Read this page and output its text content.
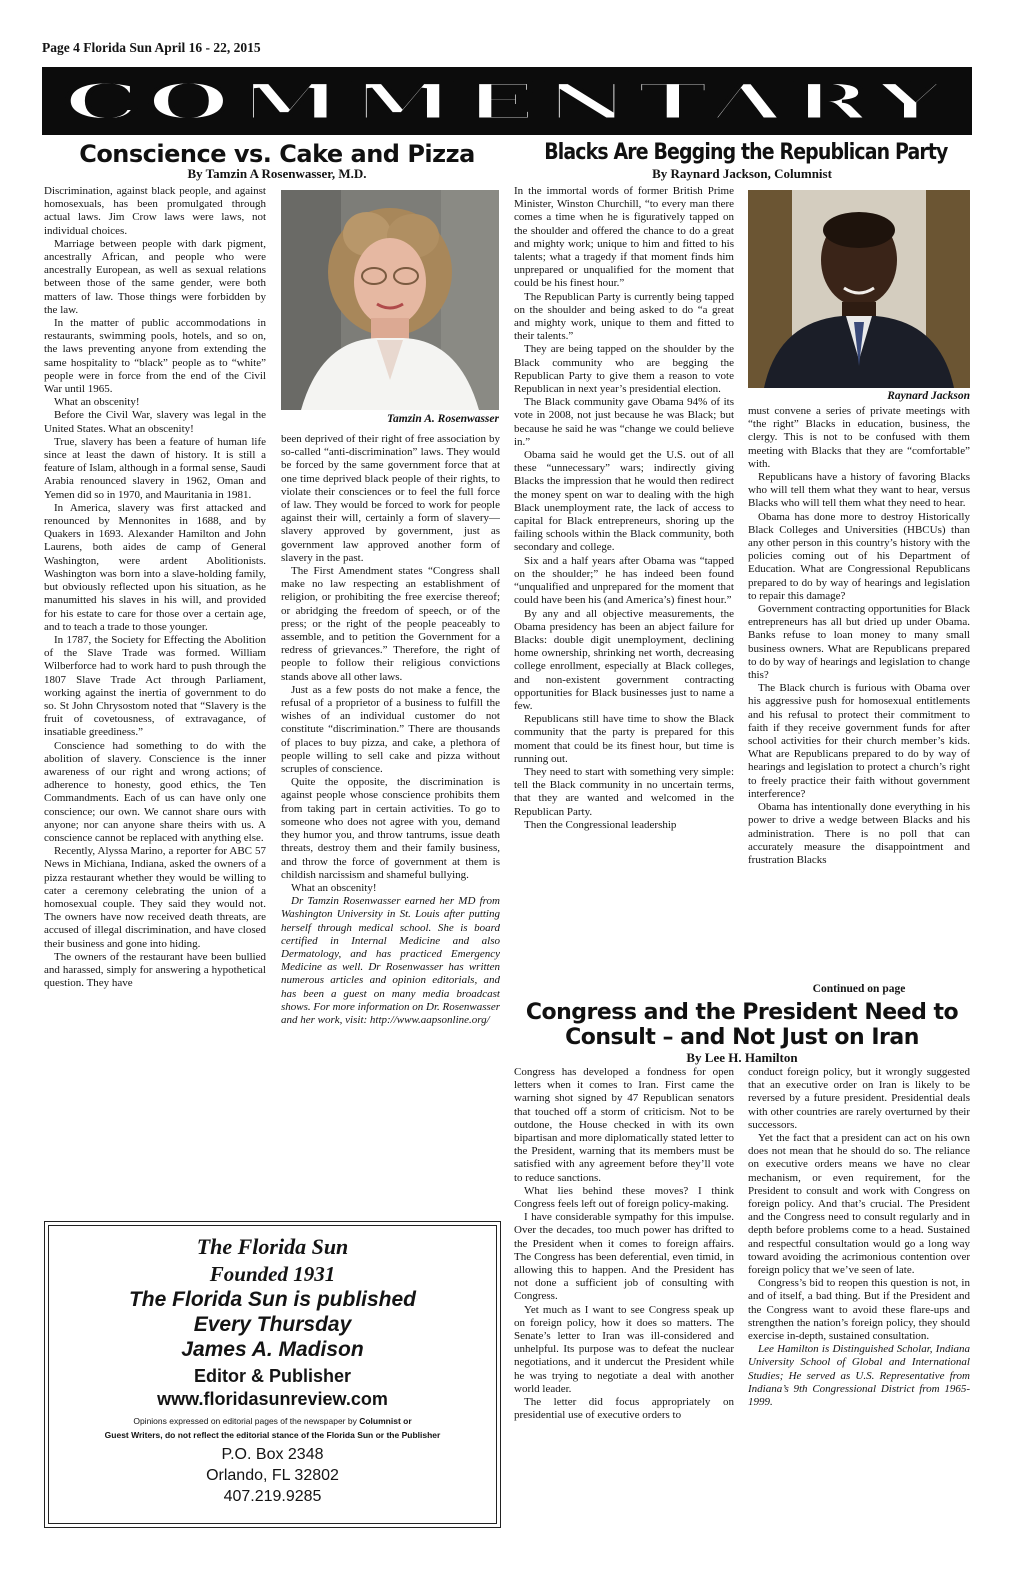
Page 4 Florida Sun April 16 - 22, 2015
COMMENTARY
Conscience vs. Cake and Pizza
By Tamzin A Rosenwasser, M.D.

Discrimination, against black people, and against homosexuals, has been promulgated through actual laws. Jim Crow laws were laws, not individual choices.

Marriage between people with dark pigment, ancestrally African, and people who were ancestrally European, as well as sexual relations between those of the same gender, were both matters of law. Those things were forbidden by the law.

In the matter of public accommodations in restaurants, swimming pools, hotels, and so on, the laws preventing anyone from extending the same hospitality to “black” people as to “white” people were in force from the end of the Civil War until 1965.

What an obscenity!

Before the Civil War, slavery was legal in the United States. What an obscenity!

True, slavery has been a feature of human life since at least the dawn of history. It is still a feature of Islam, although in a formal sense, Saudi Arabia renounced slavery in 1962, Oman and Yemen did so in 1970, and Mauritania in 1981.

In America, slavery was first attacked and renounced by Mennonites in 1688, and by Quakers in 1693. Alexander Hamilton and John Laurens, both aides de camp of General Washington, were ardent Abolitionists. Washington was born into a slave-holding family, but obviously reflected upon his situation, as he manumitted his slaves in his will, and provided for his estate to care for those over a certain age, and to teach a trade to those younger.

In 1787, the Society for Effecting the Abolition of the Slave Trade was formed. William Wilberforce had to work hard to push through the 1807 Slave Trade Act through Parliament, working against the inertia of government to do so. St John Chrysostom noted that “Slavery is the fruit of covetousness, of extravagance, of insatiable greediness.”

Conscience had something to do with the abolition of slavery. Conscience is the inner awareness of our right and wrong actions; of adherence to honesty, good ethics, the Ten Commandments. Each of us can have only one conscience; our own. We cannot share ours with anyone; nor can anyone share theirs with us. A conscience cannot be replaced with anything else.

Recently, Alyssa Marino, a reporter for ABC 57 News in Michiana, Indiana, asked the owners of a pizza restaurant whether they would be willing to cater a ceremony celebrating the union of a homosexual couple. They said they would not. The owners have now received death threats, are accused of illegal discrimination, and have closed their business and gone into hiding.

The owners of the restaurant have been bullied and harassed, simply for answering a hypothetical question. They have

Tamzin A. Rosenwasser

been deprived of their right of free association by so-called “anti-discrimination” laws. They would be forced by the same government force that at one time deprived black people of their rights, to violate their consciences or to feel the full force of law. They would be forced to work for people against their will, certainly a form of slavery—slavery approved by government, just as government law approved another form of slavery in the past.

The First Amendment states “Congress shall make no law respecting an establishment of religion, or prohibiting the free exercise thereof; or abridging the freedom of speech, or of the press; or the right of the people peaceably to assemble, and to petition the Government for a redress of grievances.” Therefore, the right of people to follow their religious convictions stands above all other laws.

Just as a few posts do not make a fence, the refusal of a proprietor of a business to fulfill the wishes of an individual customer do not constitute “discrimination.” There are thousands of places to buy pizza, and cake, a plethora of people willing to sell cake and pizza without scruples of conscience.

Quite the opposite, the discrimination is against people whose conscience prohibits them from taking part in certain activities. To go to someone who does not agree with you, demand they humor you, and throw tantrums, issue death threats, destroy them and their family business, and throw the force of government at them is childish narcissism and shameful bullying.

What an obscenity!

Dr Tamzin Rosenwasser earned her MD from Washington University in St. Louis after putting herself through medical school. She is board certified in Internal Medicine and also Dermatology, and has practiced Emergency Medicine as well. Dr Rosenwasser has written numerous articles and opinion editorials, and has been a guest on many media broadcast shows. For more information on Dr. Rosenwasser and her work, visit: http://www.aapsonline.org/

Blacks Are Begging the Republican Party
By Raynard Jackson, Columnist

In the immortal words of former British Prime Minister, Winston Churchill, “to every man there comes a time when he is figuratively tapped on the shoulder and offered the chance to do a great and mighty work; unique to him and fitted to his talents; what a tragedy if that moment finds him unprepared or unqualified for the moment that could be his finest hour.”

The Republican Party is currently being tapped on the shoulder and being asked to do “a great and mighty work, unique to them and fitted to their talents.”

They are being tapped on the shoulder by the Black community who are begging the Republican Party to give them a reason to vote Republican in next year’s presidential election.

The Black community gave Obama 94% of its vote in 2008, not just because he was Black; but because he said he was “change we could believe in.”

Obama said he would get the U.S. out of all these “unnecessary” wars; indirectly giving Blacks the impression that he would then redirect the money spent on war to dealing with the high Black unemployment rate, the lack of access to capital for Black entrepreneurs, shoring up the failing schools within the Black community, both secondary and college.

Six and a half years after Obama was “tapped on the shoulder;” he has indeed been found “unqualified and unprepared for the moment that could have been his (and America’s) finest hour.”

By any and all objective measurements, the Obama presidency has been an abject failure for Blacks: double digit unemployment, declining home ownership, shrinking net worth, decreasing college enrollment, especially at Black colleges, and non-existent government contracting opportunities for Black businesses just to name a few.

Republicans still have time to show the Black community that the party is prepared for this moment that could be its finest hour, but time is running out.

They need to start with something very simple: tell the Black community in no uncertain terms, that they are wanted and welcomed in the Republican Party.

Then the Congressional leadership

Raynard Jackson

must convene a series of private meetings with “the right” Blacks in education, business, the clergy. This is not to be confused with them meeting with Blacks that they are “comfortable” with.

Republicans have a history of favoring Blacks who will tell them what they want to hear, versus Blacks who will tell them what they need to hear.

Obama has done more to destroy Historically Black Colleges and Universities (HBCUs) than any other person in this country’s history with the policies coming out of his Department of Education. What are Congressional Republicans prepared to do by way of hearings and legislation to repair this damage?

Government contracting opportunities for Black entrepreneurs has all but dried up under Obama. Banks refuse to loan money to many small business owners. What are Republicans prepared to do by way of hearings and legislation to change this?

The Black church is furious with Obama over his aggressive push for homosexual entitlements and his refusal to protect their commitment to faith if they receive government funds for after school activities for their church member’s kids. What are Republicans prepared to do by way of hearings and legislation to protect a church’s right to freely practice their faith without government interference?

Obama has intentionally done everything in his power to drive a wedge between Blacks and his administration. There is no poll that can accurately measure the disappointment and frustration Blacks

Continued on page
Congress and the President Need to Consult – and Not Just on Iran
By Lee H. Hamilton

Congress has developed a fondness for open letters when it comes to Iran. First came the warning shot signed by 47 Republican senators that touched off a storm of criticism. Not to be outdone, the House checked in with its own bipartisan and more diplomatically stated letter to the President, warning that its members must be satisfied with any agreement before they’ll vote to reduce sanctions.

What lies behind these moves? I think Congress feels left out of foreign policy-making.

I have considerable sympathy for this impulse. Over the decades, too much power has drifted to the President when it comes to foreign affairs. The Congress has been deferential, even timid, in allowing this to happen. And the President has not done a sufficient job of consulting with Congress.

Yet much as I want to see Congress speak up on foreign policy, how it does so matters. The Senate’s letter to Iran was ill-considered and unhelpful. Its purpose was to defeat the nuclear negotiations, and it undercut the President while he was trying to negotiate a deal with another world leader.

The letter did focus appropriately on presidential use of executive orders to

conduct foreign policy, but it wrongly suggested that an executive order on Iran is likely to be reversed by a future president. Presidential deals with other countries are rarely overturned by their successors.

Yet the fact that a president can act on his own does not mean that he should do so. The reliance on executive orders means we have no clear mechanism, or even requirement, for the President to consult and work with Congress on foreign policy. And that’s crucial. The President and the Congress need to consult regularly and in depth before problems come to a head. Sustained and respectful consultation would go a long way toward avoiding the acrimonious contention over foreign policy that we’ve seen of late.

Congress’s bid to reopen this question is not, in and of itself, a bad thing. But if the President and the Congress want to avoid these flare-ups and strengthen the nation’s foreign policy, they should exercise in-depth, sustained consultation.

Lee Hamilton is Distinguished Scholar, Indiana University School of Global and International Studies; He served as U.S. Representative from Indiana’s 9th Congressional District from 1965-1999.

The Florida Sun
Founded 1931
The Florida Sun is published
Every Thursday
James A. Madison
Editor & Publisher
www.floridasunreview.com
Opinions expressed on editorial pages of the newspaper by Columnist or
Guest Writers, do not reflect the editorial stance of the Florida Sun or the Publisher
P.O. Box 2348
Orlando, FL 32802
407.219.9285
